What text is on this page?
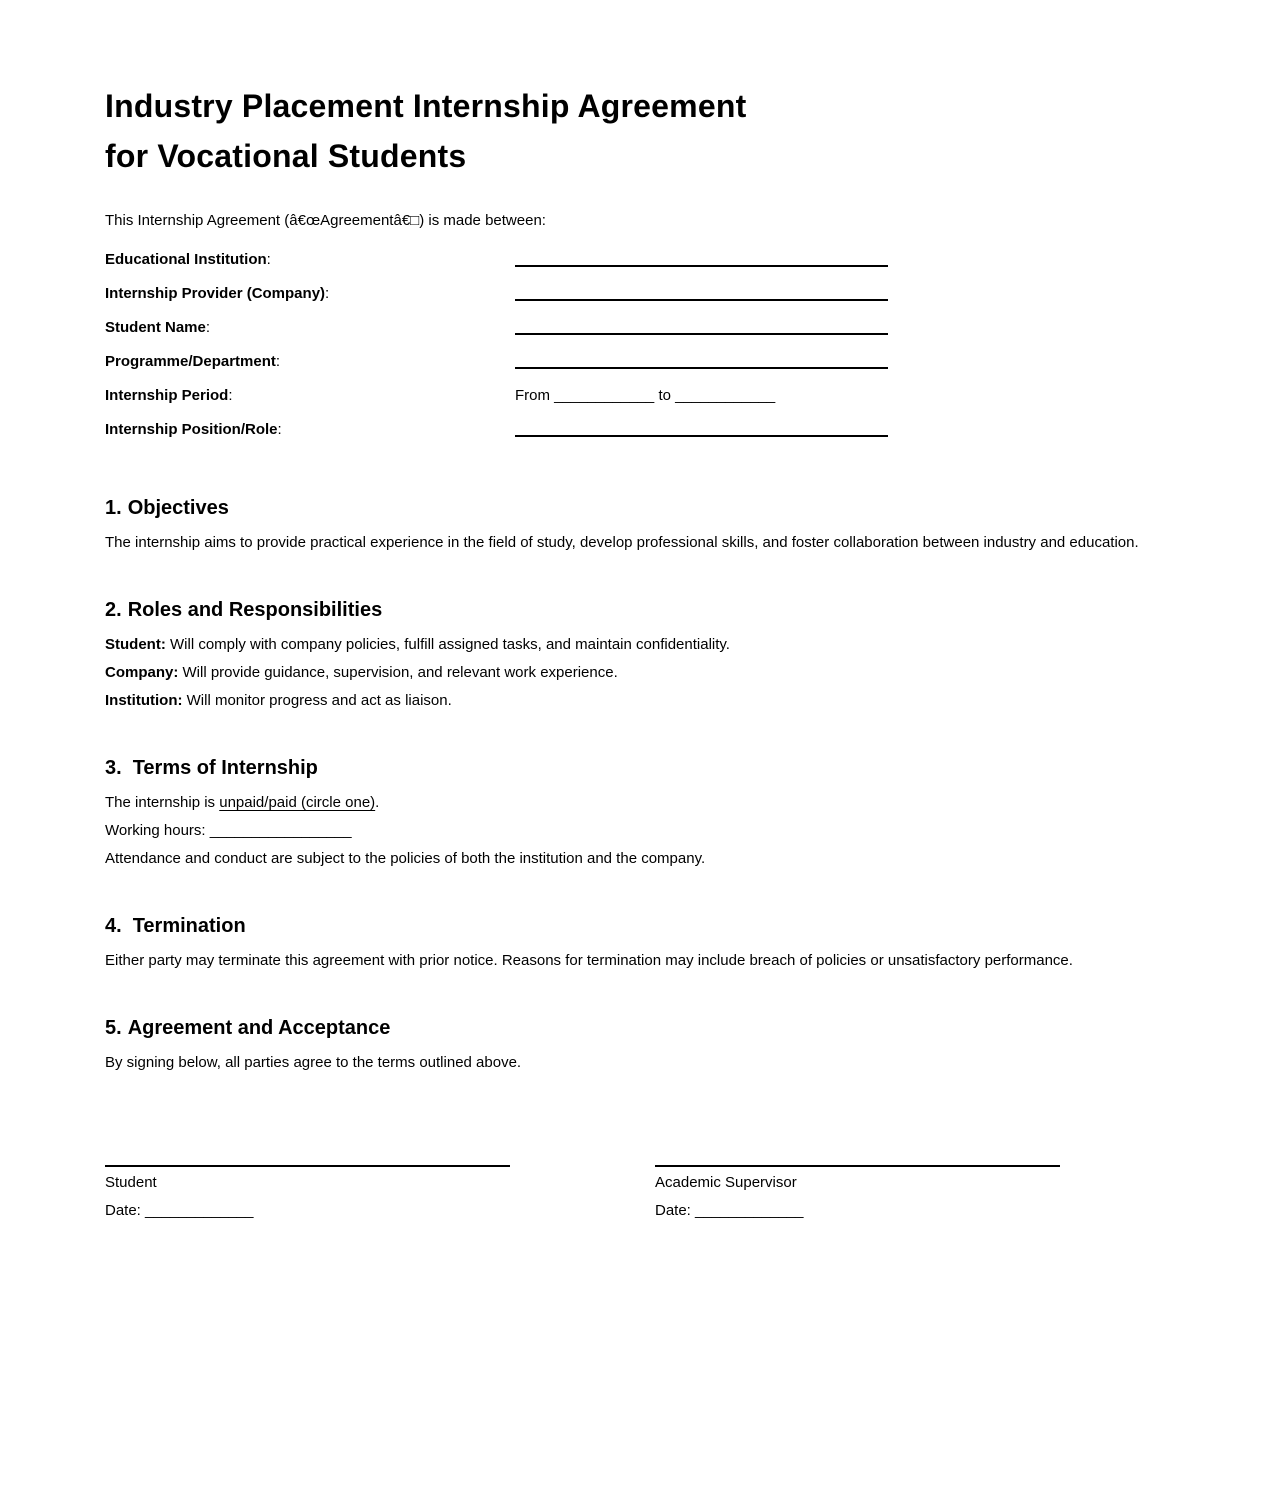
Industry Placement Internship Agreement
for Vocational Students

This Internship Agreement (â€œAgreementâ€□) is made between:

Educational Institution:
Internship Provider (Company):
Student Name:
Programme/Department:
Internship Period:	From ____________ to ____________
Internship Position/Role:
1. Objectives

The internship aims to provide practical experience in the field of study, develop professional skills, and foster collaboration between industry and education.

2. Roles and Responsibilities

Student: Will comply with company policies, fulfill assigned tasks, and maintain confidentiality.

Company: Will provide guidance, supervision, and relevant work experience.

Institution: Will monitor progress and act as liaison.

3. Terms of Internship

The internship is unpaid/paid (circle one).

Working hours: _________________

Attendance and conduct are subject to the policies of both the institution and the company.

4. Termination

Either party may terminate this agreement with prior notice. Reasons for termination may include breach of policies or unsatisfactory performance.

5. Agreement and Acceptance

By signing below, all parties agree to the terms outlined above.

Student

Date: _____________

Academic Supervisor

Date: _____________
